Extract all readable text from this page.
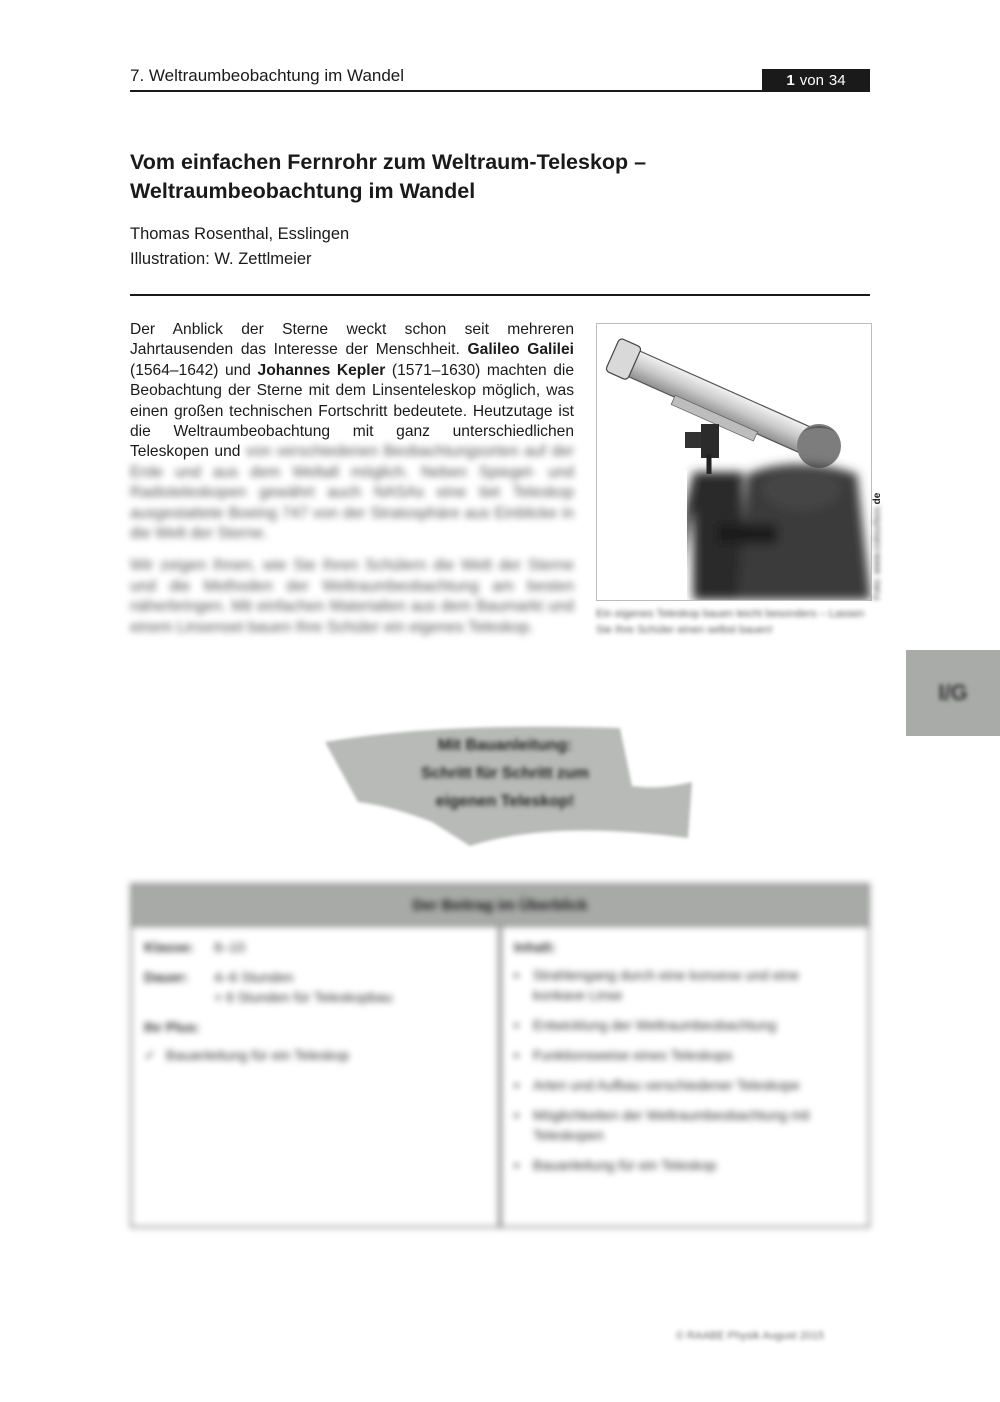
7. Weltraumbeobachtung im Wandel	1 von 34
Vom einfachen Fernrohr zum Weltraum-Teleskop –
Weltraumbeobachtung im Wandel
Thomas Rosenthal, Esslingen
Illustration: W. Zettlmeier

Der Anblick der Sterne weckt schon seit mehreren Jahrtausenden das Interesse der Menschheit. Galileo Galilei (1564–1642) und Johannes Kepler (1571–1630) machten die Beobachtung der Sterne mit dem Linsenteleskop möglich, was einen großen technischen Fortschritt bedeutete. Heutzutage ist die Weltraumbeobachtung mit ganz unterschiedlichen Teleskopen und von verschiedenen Beobachtungsorten auf der Erde und aus dem Weltall möglich. Neben Spiegel- und Radioteleskopen gewährt auch NASAs eine tiet Teleskop ausgestattete Boeing 747 von der Stratosphäre aus Einblicke in die Welt der Sterne.

Wir zeigen Ihnen, wie Sie Ihren Schülern die Welt der Sterne und die Methoden der Weltraumbeobachtung am besten näherbringen. Mit einfachen Materialien aus dem Baumarkt und einem Linsenset bauen Ihre Schüler ein eigenes Teleskop.

Foto: www.colourbox.de
Ein eigenes Teleskop bauen leicht besonders – Lassen Sie Ihre Schüler einen selbst bauen!
I/G
Mit Bauanleitung:
Schritt für Schritt zum
eigenen Teleskop!
Der Beitrag im Überblick
Klasse: 8–10
Dauer:	4–6 Stunden
+ 6 Stunden für Teleskopbau
Ihr Plus:
✓ Bauanleitung für ein Teleskop
Inhalt:
• Strahlengang durch eine konvexe und eine konkave Linse
• Entwicklung der Weltraumbeobachtung
• Funktionsweise eines Teleskops
• Arten und Aufbau verschiedener Teleskope
• Möglichkeiten der Weltraumbeobachtung mit Teleskopen
• Bauanleitung für ein Teleskop
© RAABE Physik August 2015
